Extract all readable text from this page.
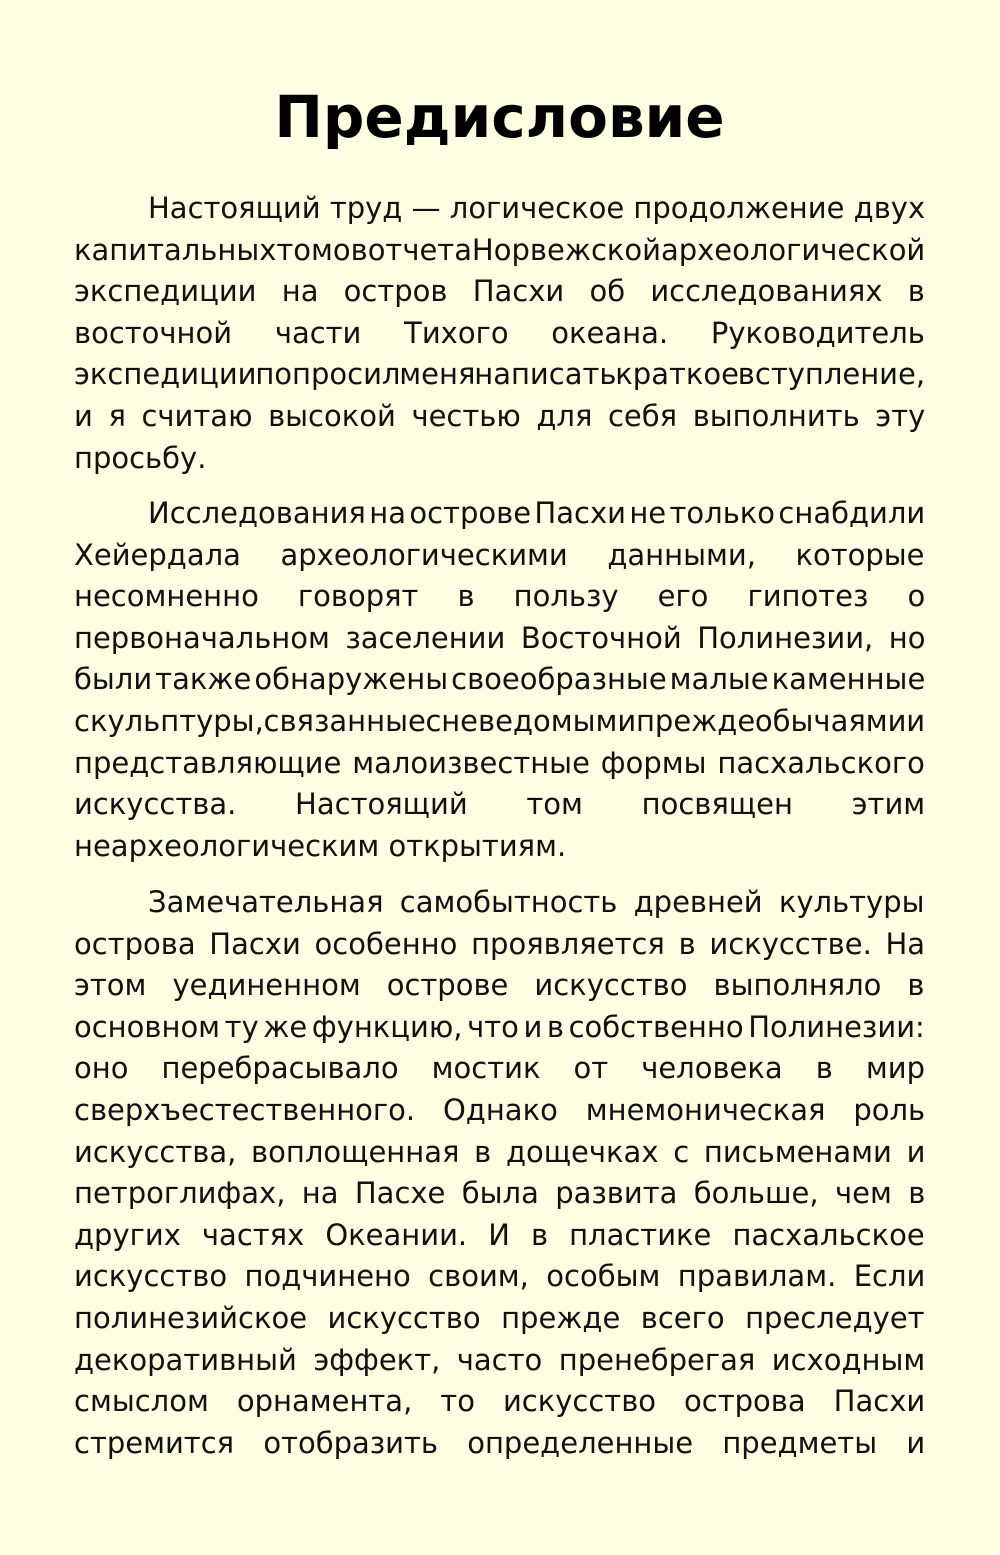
Предисловие
Настоящий труд — логическое продолжение двух
капитальных томов отчета Норвежской археологической
экспедиции на остров Пасхи об исследованиях в
восточной части Тихого океана. Руководитель
экспедиции попросил меня написать краткое вступление,
и я считаю высокой честью для себя выполнить эту
просьбу.
Исследования на острове Пасхи не только снабдили
Хейердала археологическими данными, которые
несомненно говорят в пользу его гипотез о
первоначальном заселении Восточной Полинезии, но
были также обнаружены своеобразные малые каменные
скульптуры, связанные с неведомыми прежде обычаями и
представляющие малоизвестные формы пасхальского
искусства. Настоящий том посвящен этим
неархеологическим открытиям.
Замечательная самобытность древней культуры
острова Пасхи особенно проявляется в искусстве. На
этом уединенном острове искусство выполняло в
основном ту же функцию, что и в собственно Полинезии:
оно перебрасывало мостик от человека в мир
сверхъестественного. Однако мнемоническая роль
искусства, воплощенная в дощечках с письменами и
петроглифах, на Пасхе была развита больше, чем в
других частях Океании. И в пластике пасхальское
искусство подчинено своим, особым правилам. Если
полинезийское искусство прежде всего преследует
декоративный эффект, часто пренебрегая исходным
смыслом орнамента, то искусство острова Пасхи
стремится отобразить определенные предметы и
